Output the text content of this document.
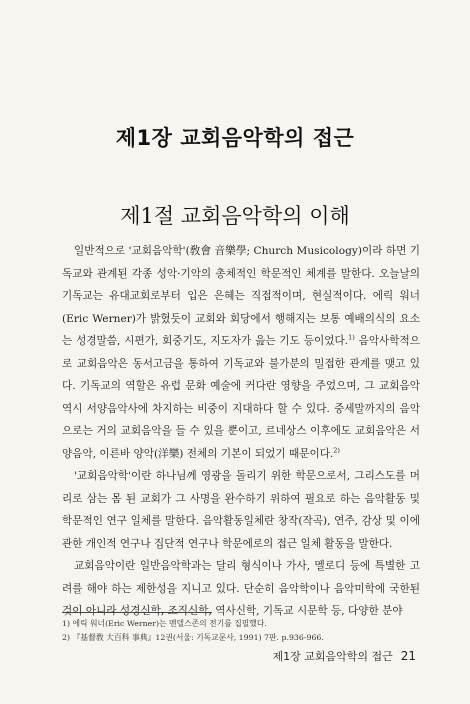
제1장 교회음악학의 접근
제1절 교회음악학의 이해

일반적으로 '교회음악학'(敎會 音樂學; Church Musicology)이라 하면 기독교와 관계된 각종 성악·기악의 총체적인 학문적인 체계를 말한다. 오늘날의 기독교는 유대교회로부터 입은 은혜는 직접적이며, 현실적이다. 에릭 워너(Eric Werner)가 밝혔듯이 교회와 회당에서 행해지는 보통 예배의식의 요소는 성경말씀, 시편가, 회중기도, 지도자가 읊는 기도 등이었다.$^{1)}$ 음악사학적으로 교회음악은 동서고금을 통하여 기독교와 불가분의 밀접한 관계를 맺고 있다. 기독교의 역할은 유럽 문화 예술에 커다란 영향을 주었으며, 그 교회음악 역시 서양음악사에 차지하는 비중이 지대하다 할 수 있다. 중세말까지의 음악으로는 거의 교회음악을 들 수 있을 뿐이고, 르네상스 이후에도 교회음악은 서양음악, 이른바 양악(洋樂) 전체의 기본이 되었기 때문이다.$^{2)}$

'교회음악학'이란 하나님께 영광을 돌리기 위한 학문으로서, 그리스도를 머리로 삼는 몸 된 교회가 그 사명을 완수하기 위하여 필요로 하는 음악활동 및 학문적인 연구 일체를 말한다. 음악활동일체란 창작(작곡), 연주, 감상 및 이에 관한 개인적 연구나 집단적 연구나 학문에로의 접근 일체 활동을 말한다.

교회음악이란 일반음악학과는 달리 형식이나 가사, 멜로디 등에 특별한 고려를 해야 하는 제한성을 지니고 있다. 단순히 음악학이나 음악미학에 국한된 것이 아니라 성경신학, 조직신학, 역사신학, 기독교 시문학 등, 다양한 분야

1) 에릭 워너(Eric Werner)는 멘델스존의 전기를 집필했다.
2) 『基督敎 大百科 事典』12권(서울: 기독교문사, 1991) 7판. p.936-966.
제1장 교회음악학의 접근 21
